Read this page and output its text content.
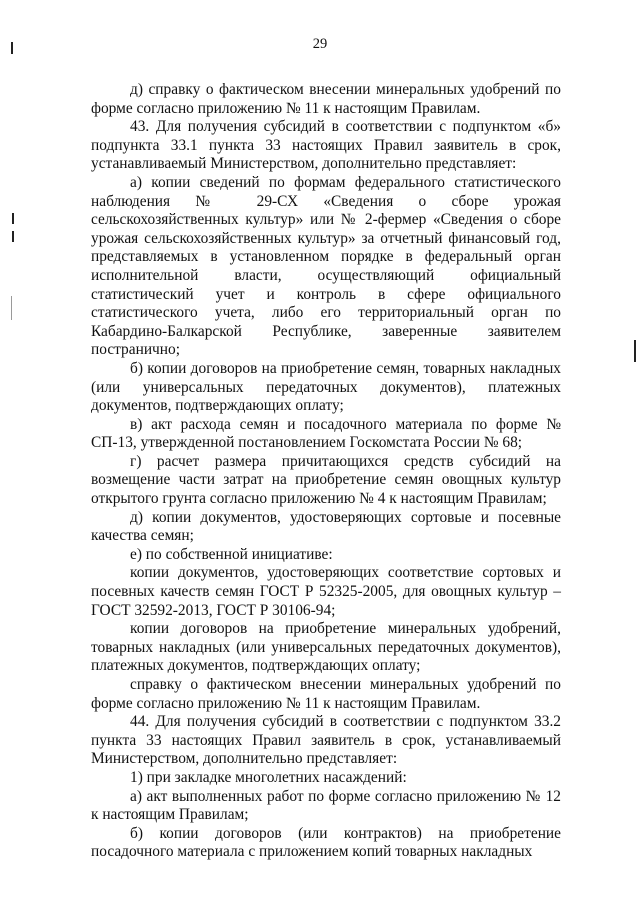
29

д) справку о фактическом внесении минеральных удобрений по форме согласно приложению № 11 к настоящим Правилам.

43. Для получения субсидий в соответствии с подпунктом «б» подпункта 33.1 пункта 33 настоящих Правил заявитель в срок, устанавливаемый Министерством, дополнительно представляет:

а) копии сведений по формам федерального статистического наблюдения № 29-СХ «Сведения о сборе урожая сельскохозяйственных культур» или № 2-фермер «Сведения о сборе урожая сельскохозяйственных культур» за отчетный финансовый год, представляемых в установленном порядке в федеральный орган исполнительной власти, осуществляющий официальный статистический учет и контроль в сфере официального статистического учета, либо его территориальный орган по Кабардино-Балкарской Республике, заверенные заявителем постранично;

б) копии договоров на приобретение семян, товарных накладных (или универсальных передаточных документов), платежных документов, подтверждающих оплату;

в) акт расхода семян и посадочного материала по форме № СП-13, утвержденной постановлением Госкомстата России № 68;

г) расчет размера причитающихся средств субсидий на возмещение части затрат на приобретение семян овощных культур открытого грунта согласно приложению № 4 к настоящим Правилам;

д) копии документов, удостоверяющих сортовые и посевные качества семян;

е) по собственной инициативе:

копии документов, удостоверяющих соответствие сортовых и посевных качеств семян ГОСТ Р 52325-2005, для овощных культур – ГОСТ 32592-2013, ГОСТ Р 30106-94;

копии договоров на приобретение минеральных удобрений, товарных накладных (или универсальных передаточных документов), платежных документов, подтверждающих оплату;

справку о фактическом внесении минеральных удобрений по форме согласно приложению № 11 к настоящим Правилам.

44. Для получения субсидий в соответствии с подпунктом 33.2 пункта 33 настоящих Правил заявитель в срок, устанавливаемый Министерством, дополнительно представляет:

1) при закладке многолетних насаждений:

а) акт выполненных работ по форме согласно приложению № 12 к настоящим Правилам;

б) копии договоров (или контрактов) на приобретение посадочного материала с приложением копий товарных накладных
